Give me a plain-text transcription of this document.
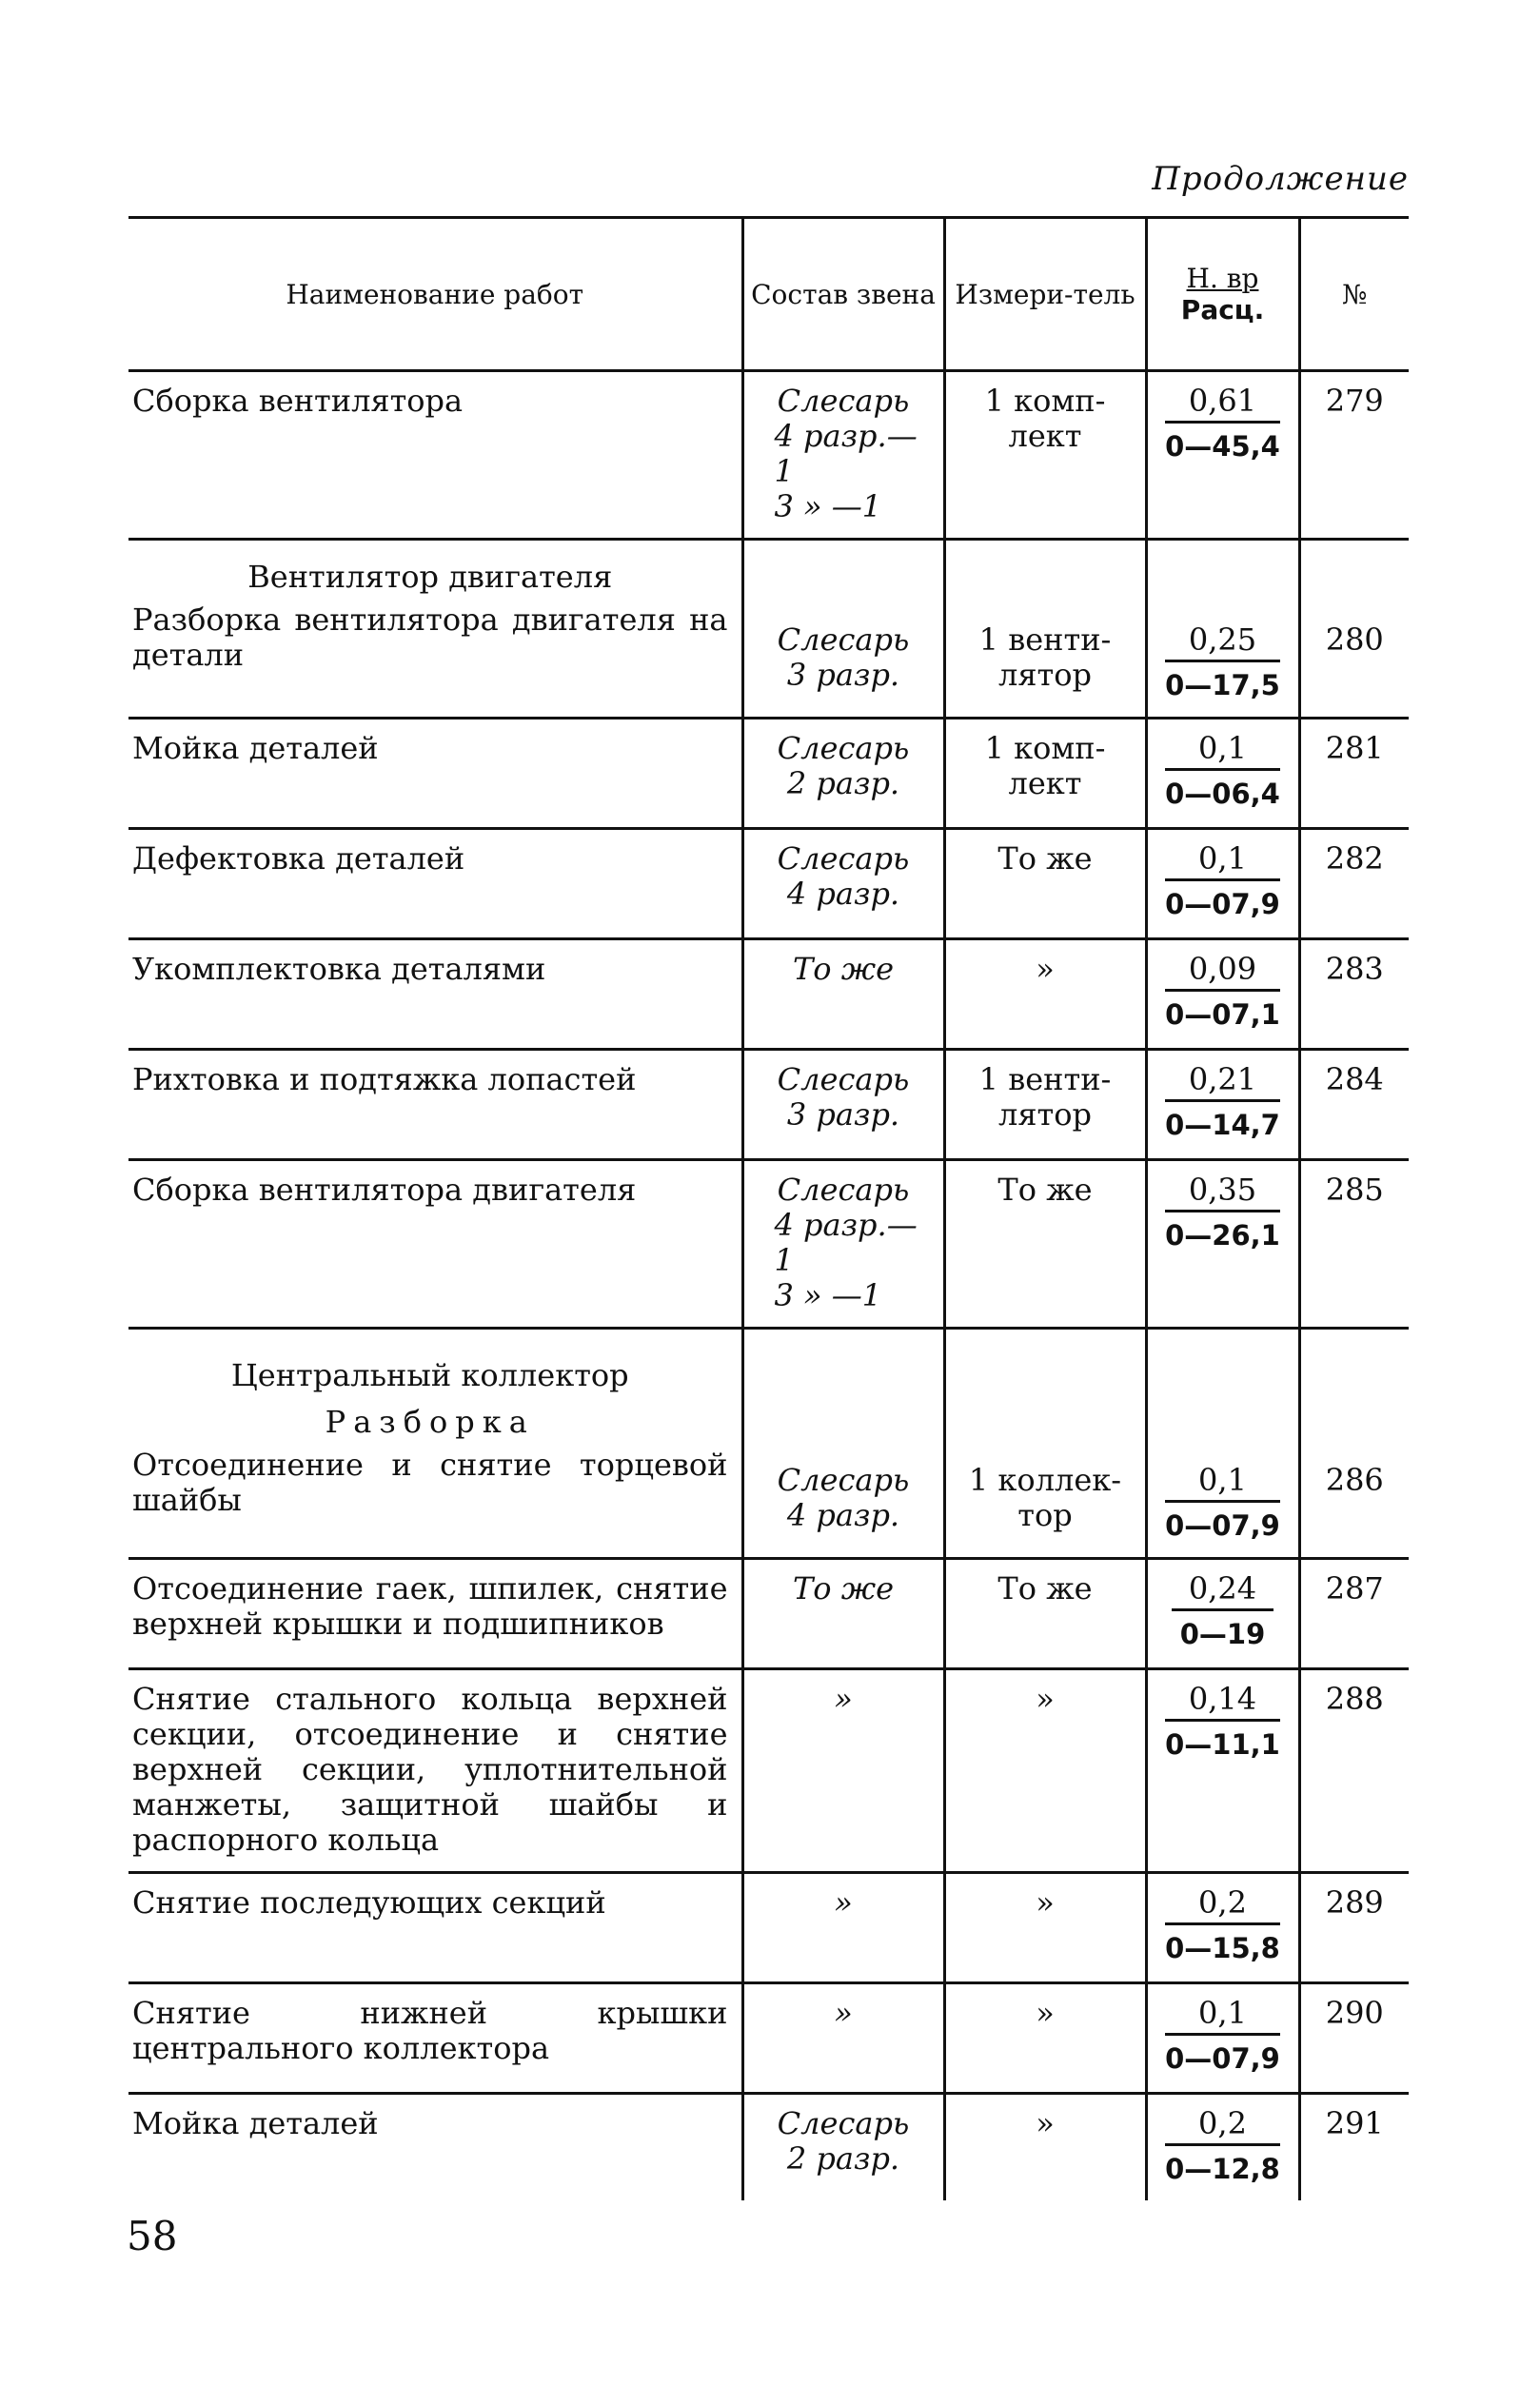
Продолжение
Наименование работ	Состав звена	Измери-тель	Н. вр
Расц.	№
Сборка вентилятора	Слесарь
4 разр.—1
3 » —1	1 комп-лект	$\frac{0,61}{0—45,4}$	279

Вентилятор двигателя
Разборка вентилятора двигателя на детали	Слесарь
3 разр.	1 венти-лятор	$\frac{0,25}{0—17,5}$	280
Мойка деталей	Слесарь
2 разр.	1 комп-лект	$\frac{0,1}{0—06,4}$	281
Дефектовка деталей	Слесарь
4 разр.	То же	$\frac{0,1}{0—07,9}$	282
Укомплектовка деталями	То же	»	$\frac{0,09}{0—07,1}$	283
Рихтовка и подтяжка лопастей	Слесарь
3 разр.	1 венти-лятор	$\frac{0,21}{0—14,7}$	284
Сборка вентилятора двигателя	Слесарь
4 разр.—1
3 » —1	То же	$\frac{0,35}{0—26,1}$	285

Центральный коллектор
Разборка
Отсоединение и снятие торцевой шайбы	Слесарь
4 разр.	1 коллек-тор	$\frac{0,1}{0—07,9}$	286
Отсоединение гаек, шпилек, снятие верхней крышки и подшипников	То же	То же	$\frac{0,24}{0—19}$	287
Снятие стального кольца верхней секции, отсоединение и снятие верхней секции, уплотнительной манжеты, защитной шайбы и распорного кольца	»	»	$\frac{0,14}{0—11,1}$	288
Снятие последующих секций	»	»	$\frac{0,2}{0—15,8}$	289
Снятие нижней крышки центрального коллектора	»	»	$\frac{0,1}{0—07,9}$	290
Мойка деталей	Слесарь
2 разр.	»	$\frac{0,2}{0—12,8}$	291
58
